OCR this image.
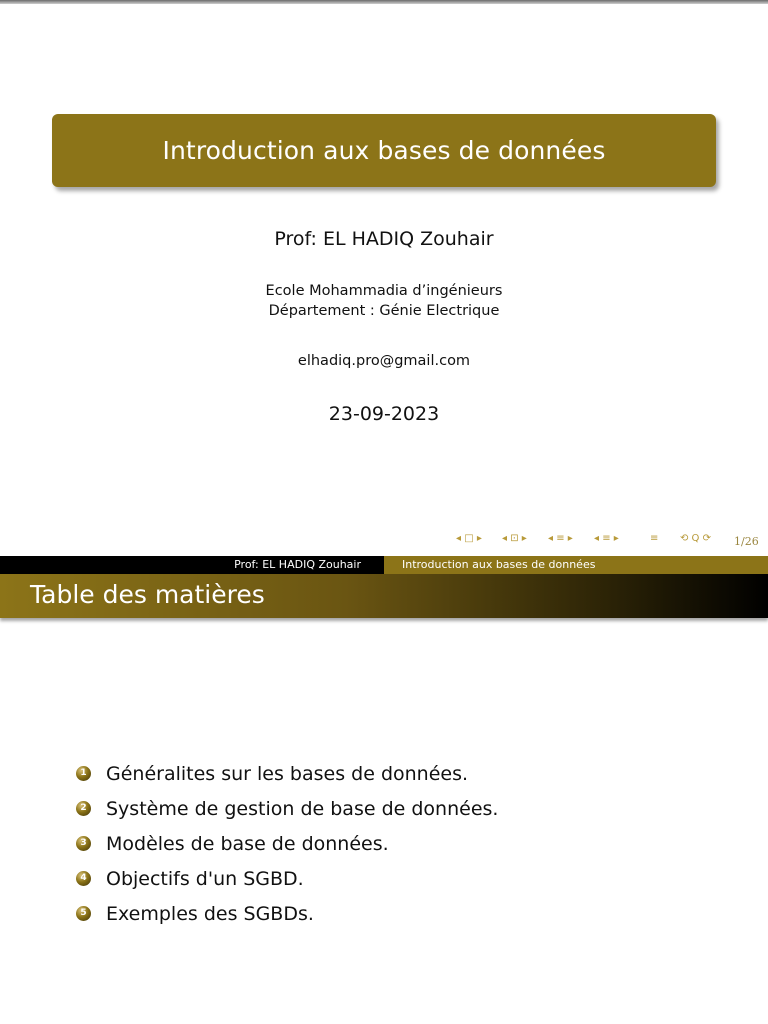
Introduction aux bases de données
Prof: EL HADIQ Zouhair
Ecole Mohammadia d’ingénieurs
Département : Génie Electrique
elhadiq.pro@gmail.com
23-09-2023
◂ □ ▸ ◂ ⊡ ▸ ◂ ≡ ▸ ◂ ≡ ▸	≡ ⟲ Q ⟳ 1/26
Prof: EL HADIQ Zouhair	Introduction aux bases de données
Table des matières
1 Généralites sur les bases de données.
2 Système de gestion de base de données.
3 Modèles de base de données.
4 Objectifs d'un SGBD.
5 Exemples des SGBDs.
